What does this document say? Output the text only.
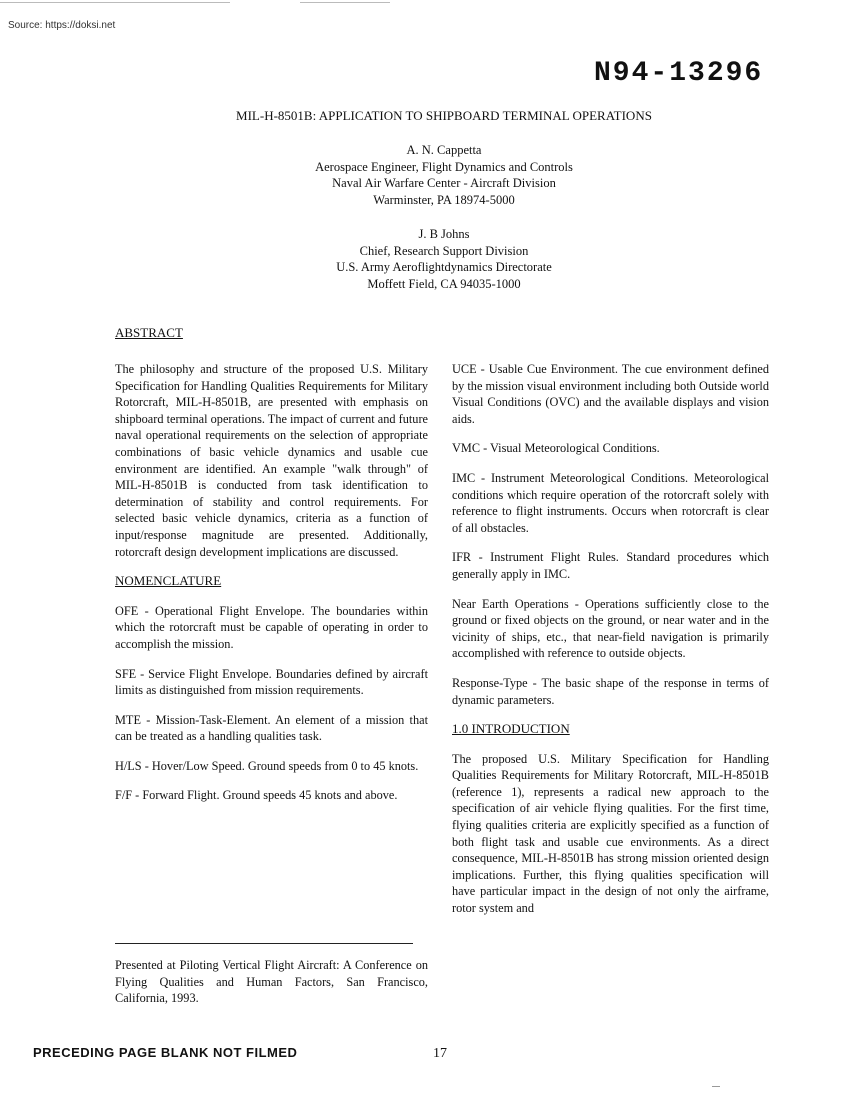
Source: https://doksi.net
N94-13296
MIL-H-8501B: APPLICATION TO SHIPBOARD TERMINAL OPERATIONS
A. N. Cappetta
Aerospace Engineer, Flight Dynamics and Controls
Naval Air Warfare Center - Aircraft Division
Warminster, PA 18974-5000
J. B Johns
Chief, Research Support Division
U.S. Army Aeroflightdynamics Directorate
Moffett Field, CA 94035-1000
ABSTRACT

The philosophy and structure of the proposed U.S. Military Specification for Handling Qualities Requirements for Military Rotorcraft, MIL-H-8501B, are presented with emphasis on shipboard terminal operations. The impact of current and future naval operational requirements on the selection of appropriate combinations of basic vehicle dynamics and usable cue environment are identified. An example "walk through" of MIL-H-8501B is conducted from task identification to determination of stability and control requirements. For selected basic vehicle dynamics, criteria as a function of input/response magnitude are presented. Additionally, rotorcraft design development implications are discussed.

NOMENCLATURE

OFE - Operational Flight Envelope. The boundaries within which the rotorcraft must be capable of operating in order to accomplish the mission.

SFE - Service Flight Envelope. Boundaries defined by aircraft limits as distinguished from mission requirements.

MTE - Mission-Task-Element. An element of a mission that can be treated as a handling qualities task.

H/LS - Hover/Low Speed. Ground speeds from 0 to 45 knots.

F/F - Forward Flight. Ground speeds 45 knots and above.

Presented at Piloting Vertical Flight Aircraft: A Conference on Flying Qualities and Human Factors, San Francisco, California, 1993.

UCE - Usable Cue Environment. The cue environment defined by the mission visual environment including both Outside world Visual Conditions (OVC) and the available displays and vision aids.

VMC - Visual Meteorological Conditions.

IMC - Instrument Meteorological Conditions. Meteorological conditions which require operation of the rotorcraft solely with reference to flight instruments. Occurs when rotorcraft is clear of all obstacles.

IFR - Instrument Flight Rules. Standard procedures which generally apply in IMC.

Near Earth Operations - Operations sufficiently close to the ground or fixed objects on the ground, or near water and in the vicinity of ships, etc., that near-field navigation is primarily accomplished with reference to outside objects.

Response-Type - The basic shape of the response in terms of dynamic parameters.

1.0 INTRODUCTION

The proposed U.S. Military Specification for Handling Qualities Requirements for Military Rotorcraft, MIL-H-8501B (reference 1), represents a radical new approach to the specification of air vehicle flying qualities. For the first time, flying qualities criteria are explicitly specified as a function of both flight task and usable cue environments. As a direct consequence, MIL-H-8501B has strong mission oriented design implications. Further, this flying qualities specification will have particular impact in the design of not only the airframe, rotor system and

PRECEDING PAGE BLANK NOT FILMED	17
